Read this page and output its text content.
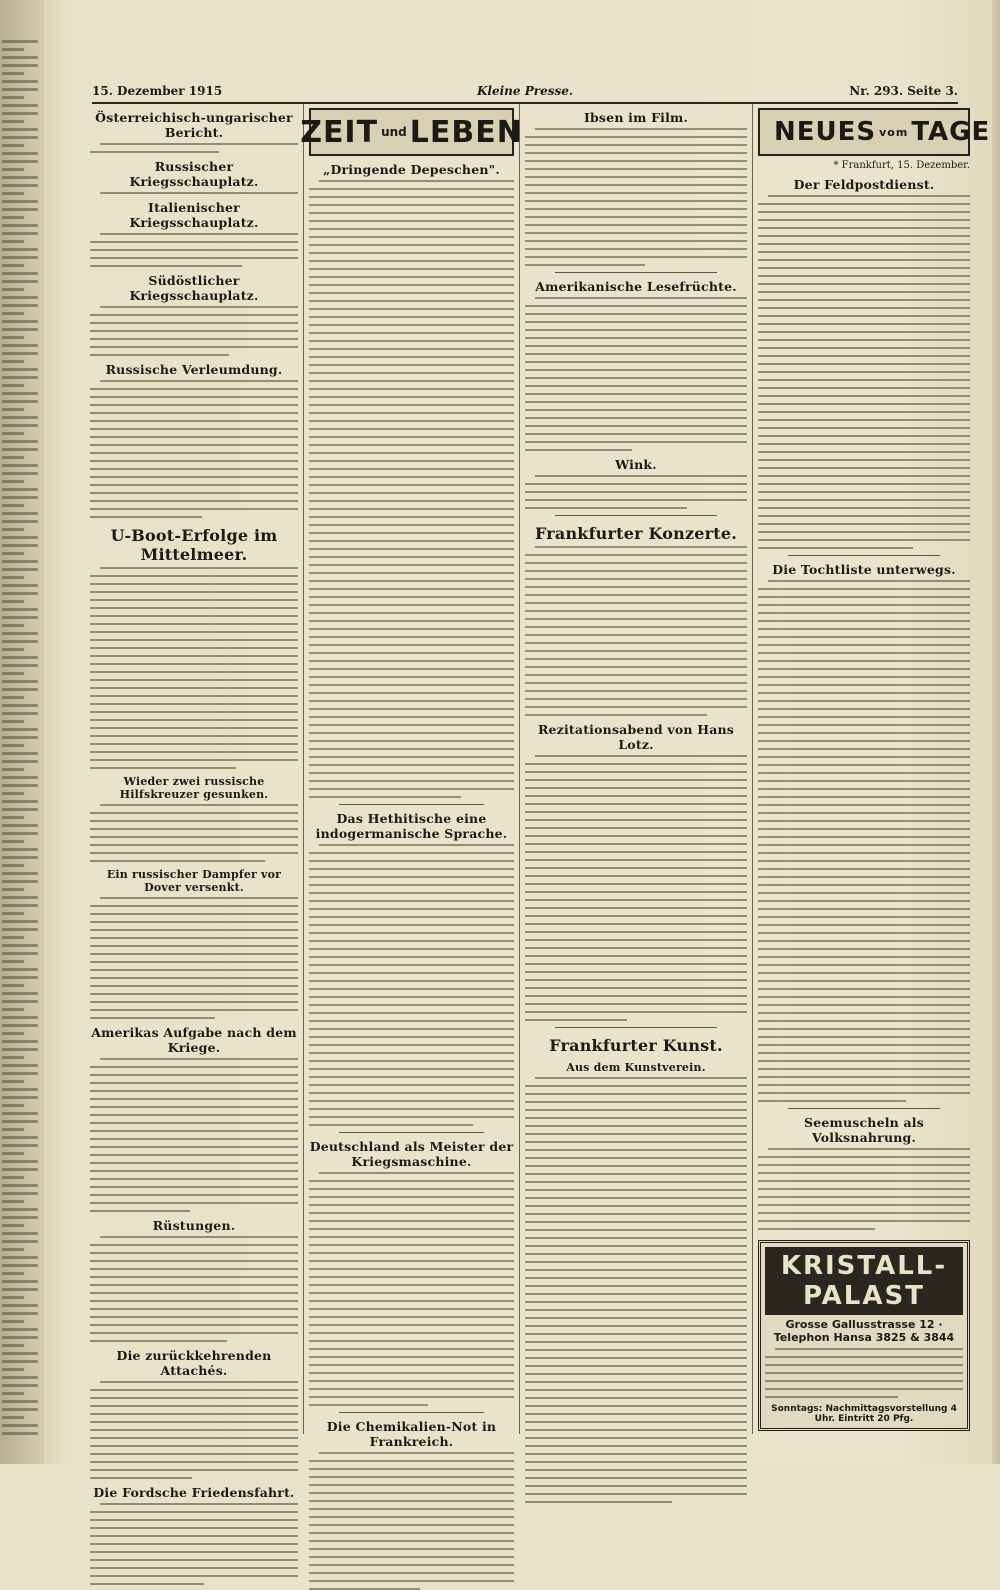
15. Dezember 1915	Kleine Presse.	Nr. 293. Seite 3.
Österreichisch-ungarischer Bericht.
Russischer Kriegsschauplatz.
Italienischer Kriegsschauplatz.
Südöstlicher Kriegsschauplatz.
Russische Verleumdung.
U-Boot-Erfolge im Mittelmeer.
Wieder zwei russische Hilfskreuzer gesunken.
Ein russischer Dampfer vor Dover versenkt.
Amerikas Aufgabe nach dem Kriege.
Rüstungen.
Die zurückkehrenden Attachés.
Die Fordsche Friedensfahrt.
ZEIT und LEBEN
„Dringende Depeschen".
Das Hethitische eine indogermanische Sprache.
Deutschland als Meister der Kriegsmaschine.
Die Chemikalien-Not in Frankreich.
Ibsen im Film.
Amerikanische Lesefrüchte.
Wink.
Frankfurter Konzerte.
Rezitationsabend von Hans Lotz.
Frankfurter Kunst.
Aus dem Kunstverein.
NEUES vom TAGE
* Frankfurt, 15. Dezember.
Der Feldpostdienst.
Die Tochtliste unterwegs.
Seemuscheln als Volksnahrung.
KRISTALL-PALAST
Grosse Gallusstrasse 12 · Telephon Hansa 3825 & 3844
Sonntags: Nachmittagsvorstellung 4 Uhr. Eintritt 20 Pfg.
